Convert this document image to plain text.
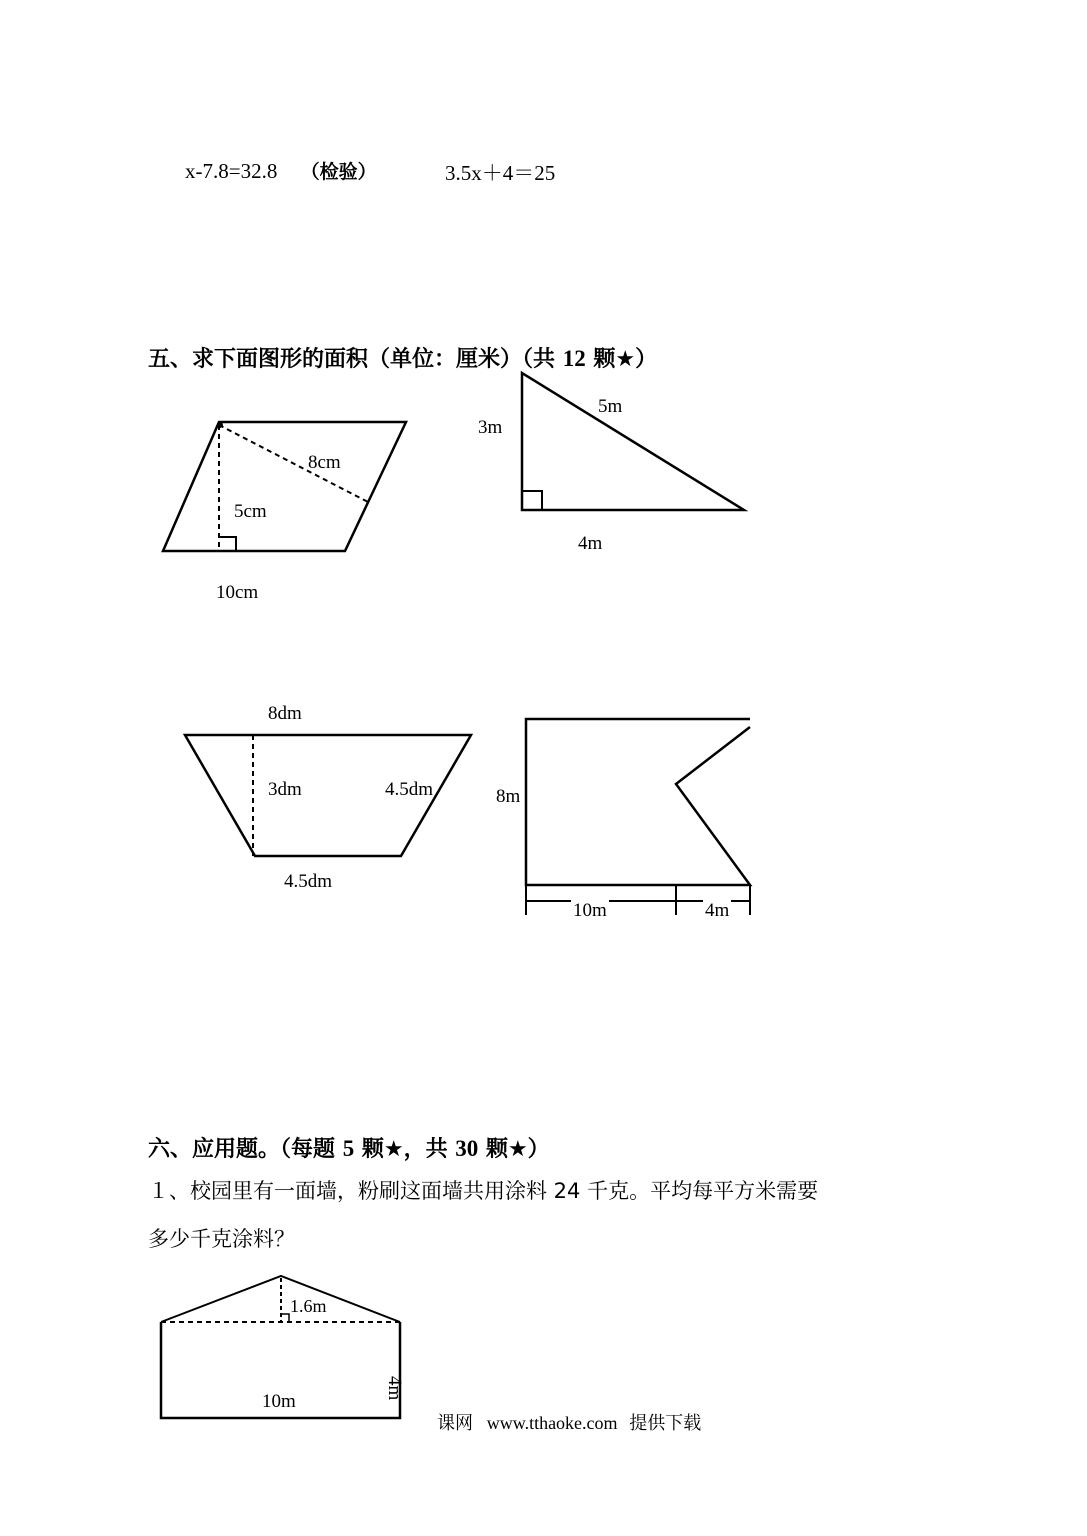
x-7.8=32.8 （检验）	3.5x＋4＝25
五、求下面图形的面积（单位：厘米）（共 12 颗★）
8cm
5cm
10cm
3m
5m
4m
8dm
3dm	4.5dm
4.5dm
8m
10m	4m
六、应用题。（每题 5 颗★，共 30 颗★）
１、校园里有一面墙，粉刷这面墙共用涂料 24 千克。平均每平方米需要
多少千克涂料？
1.6m
10m
4m
课网 www.tthaoke.com 提供下载
